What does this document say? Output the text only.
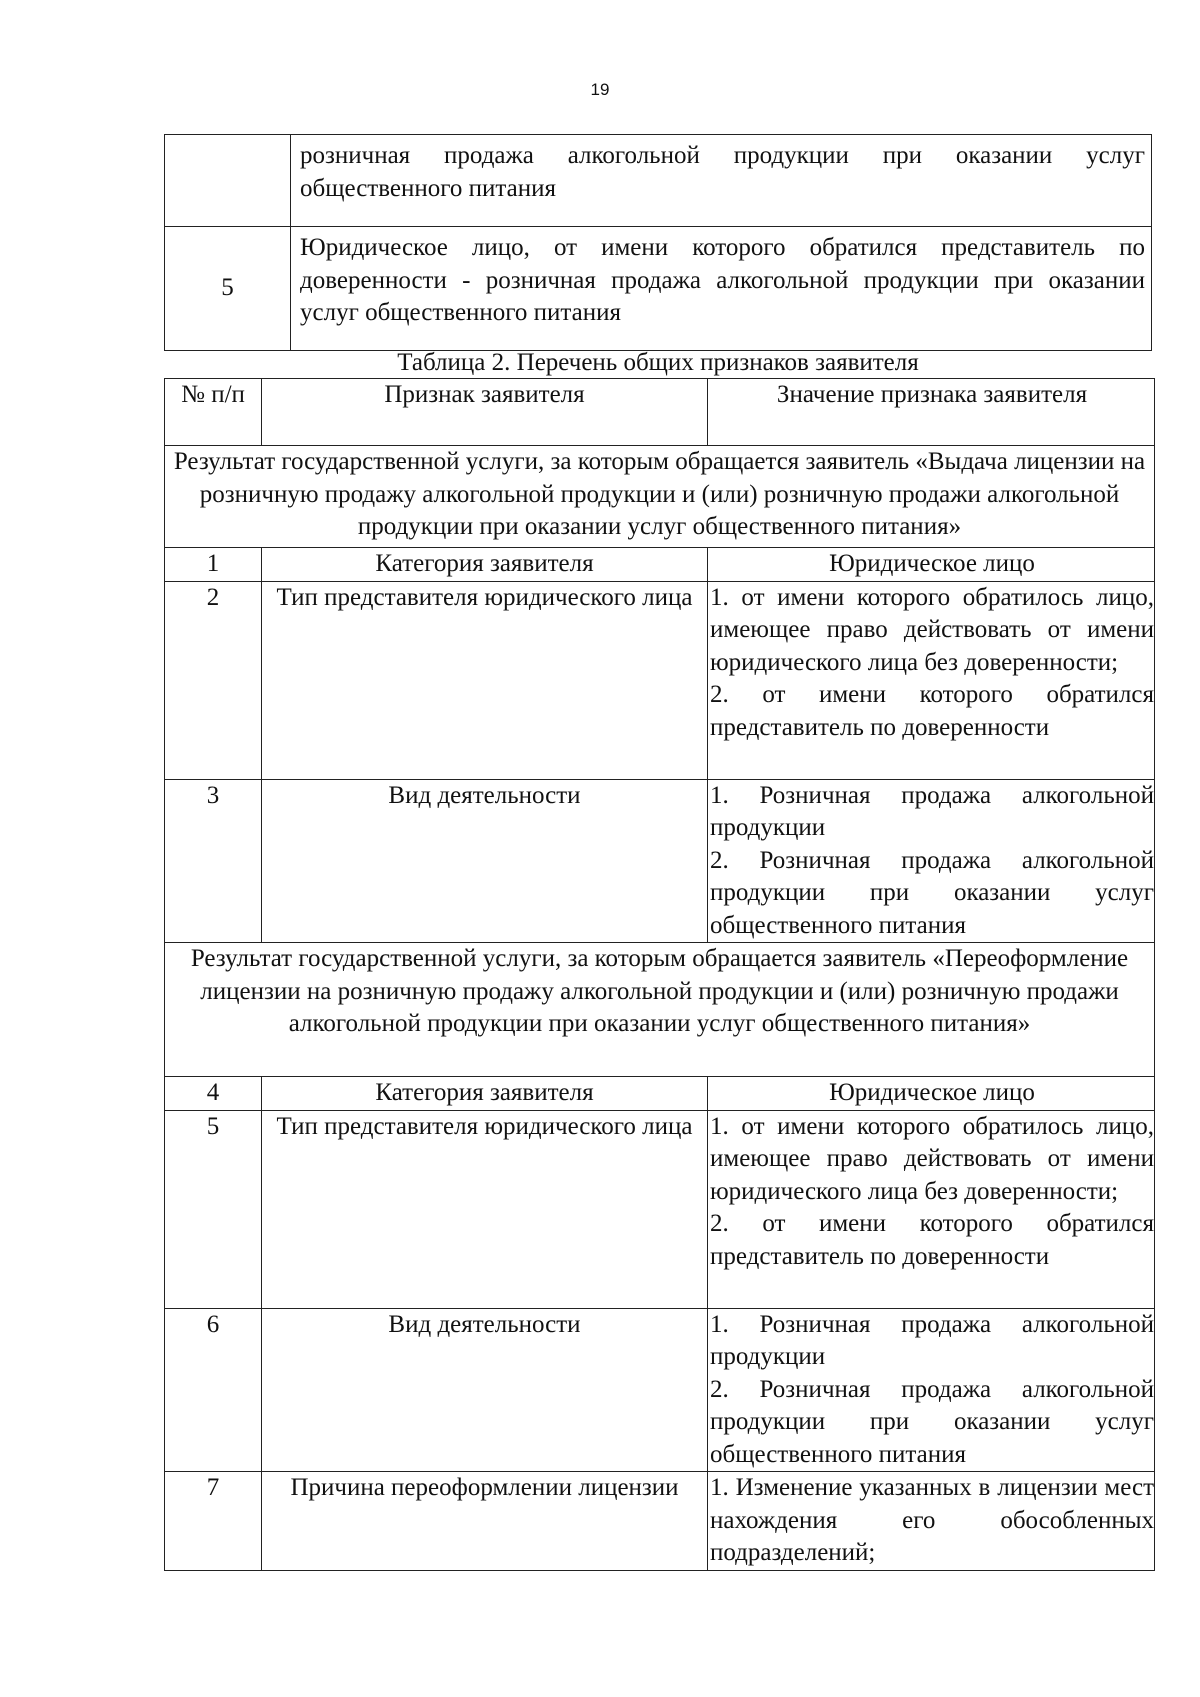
19
	розничная продажа алкогольной продукции при оказании услуг общественного питания
5	Юридическое лицо, от имени которого обратился представитель по доверенности - розничная продажа алкогольной продукции при оказании услуг общественного питания
Таблица 2. Перечень общих признаков заявителя
№ п/п	Признак заявителя	Значение признака заявителя
Результат государственной услуги, за которым обращается заявитель «Выдача лицензии на розничную продажу алкогольной продукции и (или) розничную продажи алкогольной продукции при оказании услуг общественного питания»		
1	Категория заявителя	Юридическое лицо
2	Тип представителя юридического лица	1. от имени которого обратилось лицо, имеющее право действовать от имени юридического лица без доверенности;
2. от имени которого обратился представитель по доверенности

3	Вид деятельности	1. Розничная продажа алкогольной продукции
2. Розничная продажа алкогольной продукции при оказании услуг общественного питания

Результат государственной услуги, за которым обращается заявитель «Переоформление лицензии на розничную продажу алкогольной продукции и (или) розничную продажи алкогольной продукции при оказании услуг общественного питания»		
4	Категория заявителя	Юридическое лицо
5	Тип представителя юридического лица	1. от имени которого обратилось лицо, имеющее право действовать от имени юридического лица без доверенности;
2. от имени которого обратился представитель по доверенности

6	Вид деятельности	1. Розничная продажа алкогольной продукции
2. Розничная продажа алкогольной продукции при оказании услуг общественного питания

7	Причина переоформлении лицензии	1. Изменение указанных в лицензии мест нахождения его обособленных подразделений;
